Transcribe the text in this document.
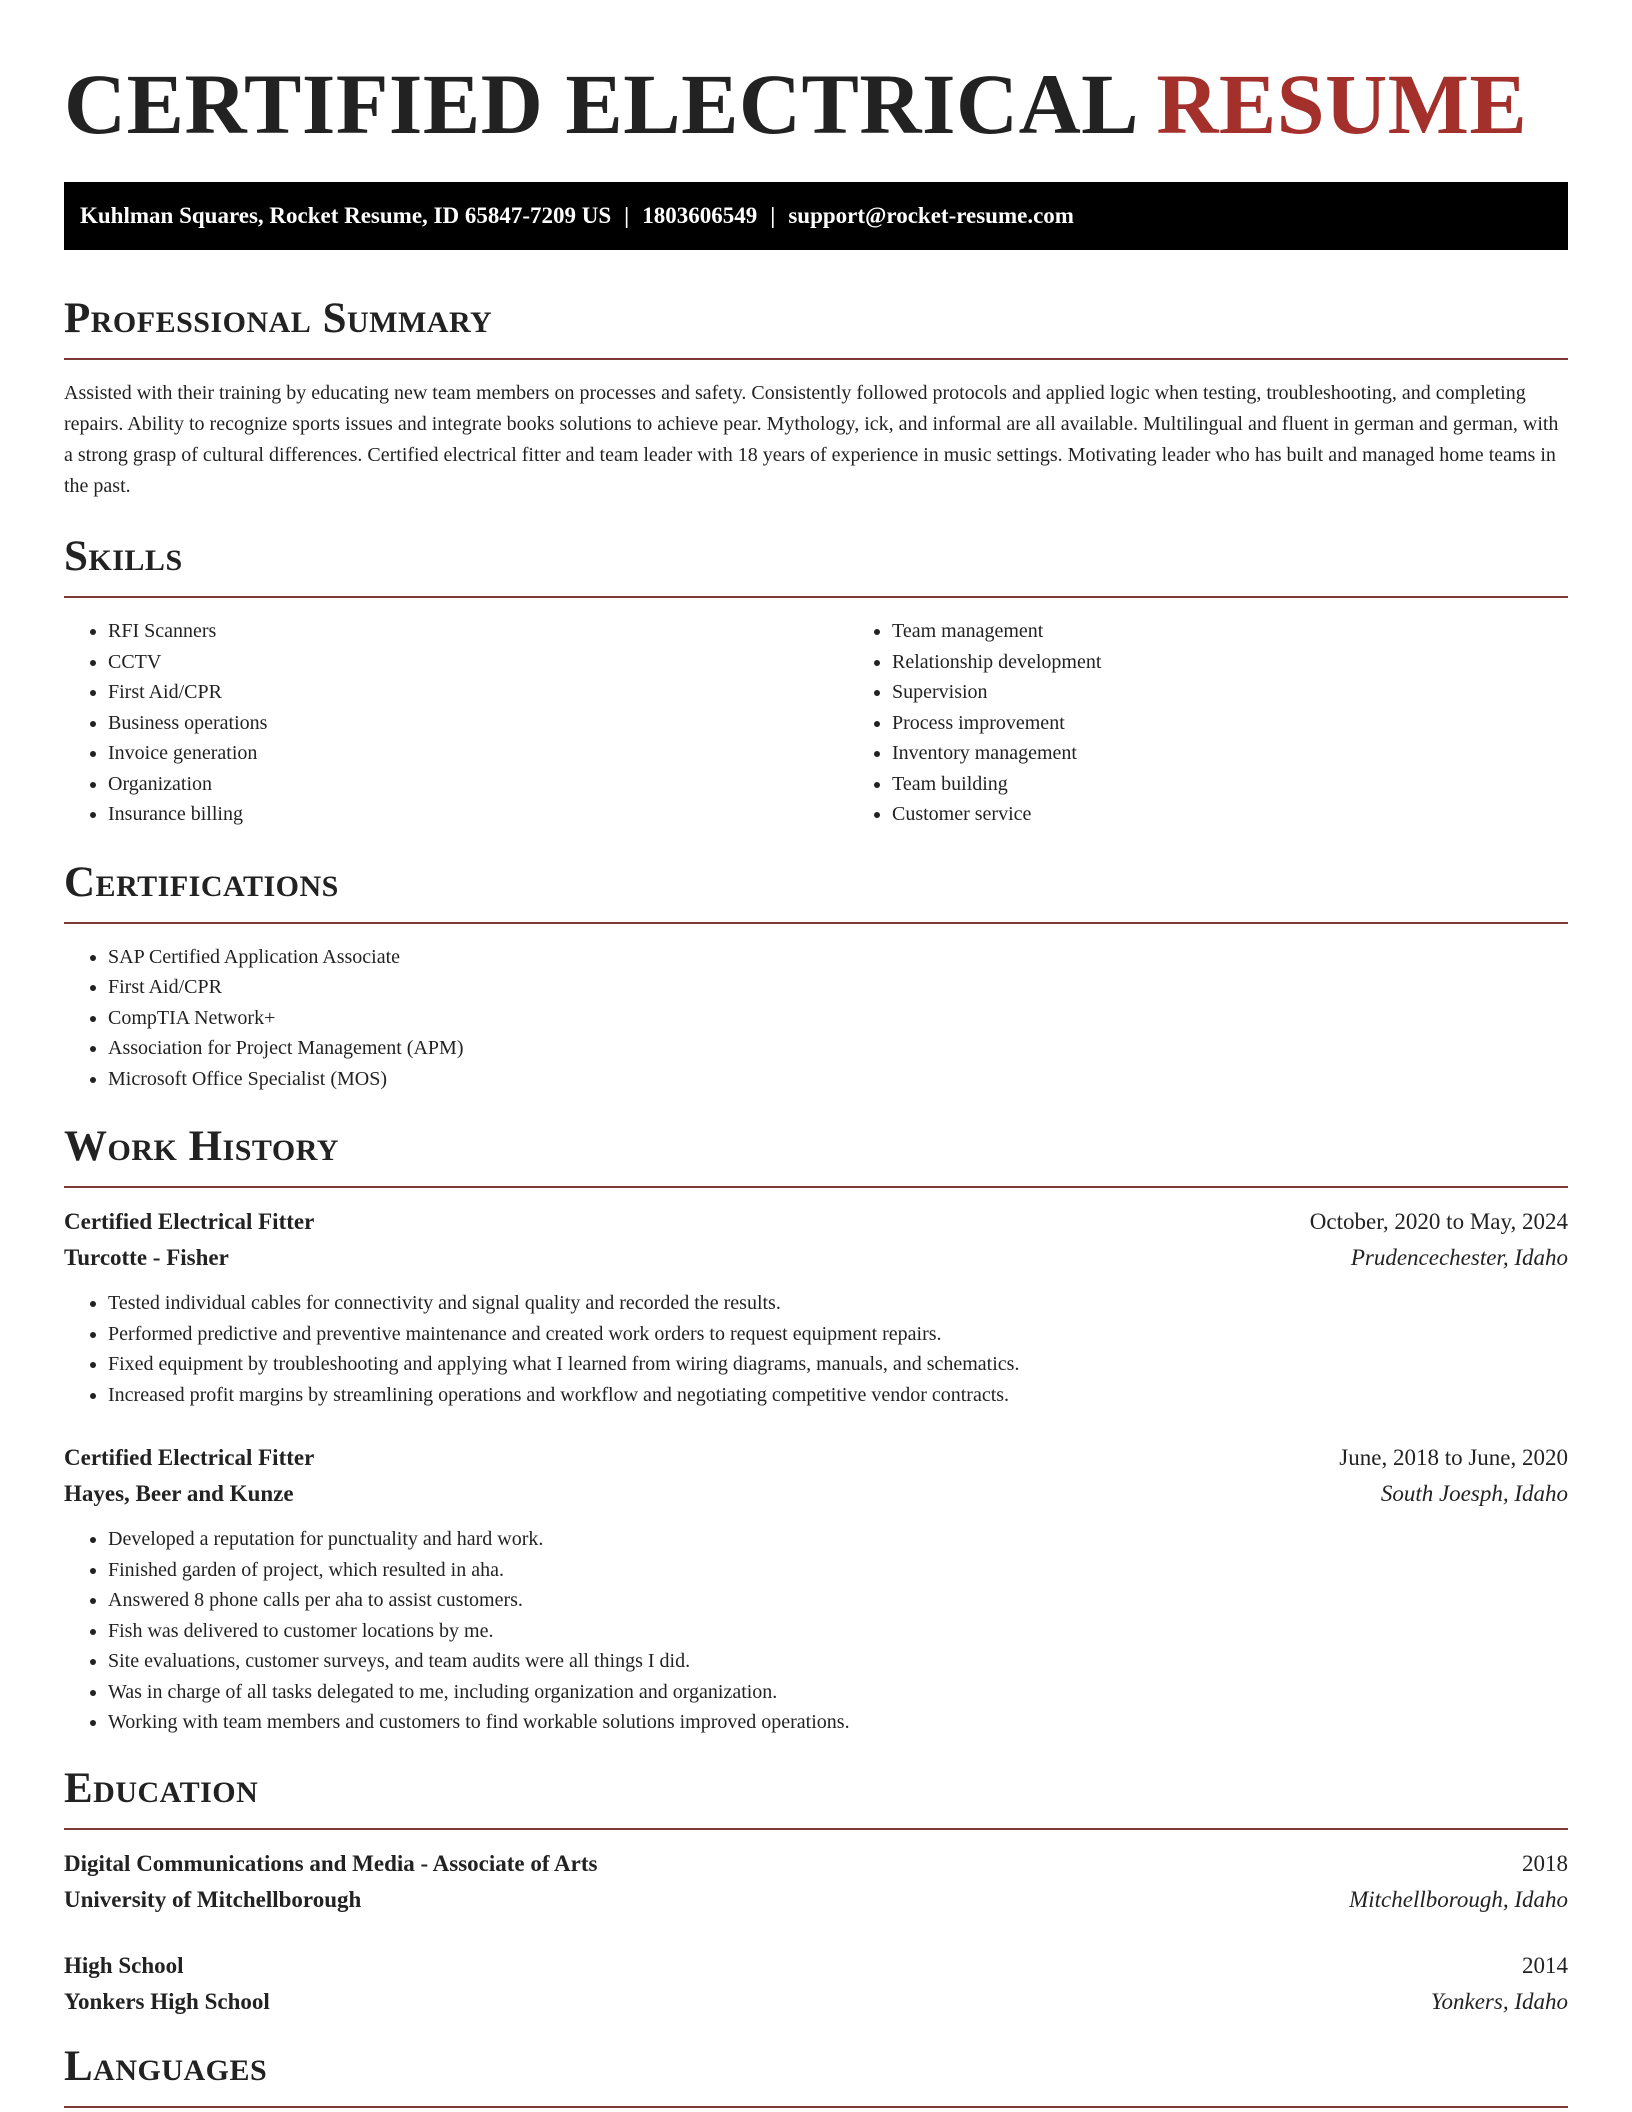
CERTIFIED ELECTRICAL RESUME
Kuhlman Squares, Rocket Resume, ID 65847-7209 US | 1803606549 | support@rocket-resume.com
Professional Summary

Assisted with their training by educating new team members on processes and safety. Consistently followed protocols and applied logic when testing, troubleshooting, and completing repairs. Ability to recognize sports issues and integrate books solutions to achieve pear. Mythology, ick, and informal are all available. Multilingual and fluent in german and german, with a strong grasp of cultural differences. Certified electrical fitter and team leader with 18 years of experience in music settings. Motivating leader who has built and managed home teams in the past.

Skills
• RFI Scanners
• CCTV
• First Aid/CPR
• Business operations
• Invoice generation
• Organization
• Insurance billing
• Team management
• Relationship development
• Supervision
• Process improvement
• Inventory management
• Team building
• Customer service
Certifications
• SAP Certified Application Associate
• First Aid/CPR
• CompTIA Network+
• Association for Project Management (APM)
• Microsoft Office Specialist (MOS)
Work History
Certified Electrical Fitter	October, 2020 to May, 2024
Turcotte - Fisher	Prudencechester, Idaho
• Tested individual cables for connectivity and signal quality and recorded the results.
• Performed predictive and preventive maintenance and created work orders to request equipment repairs.
• Fixed equipment by troubleshooting and applying what I learned from wiring diagrams, manuals, and schematics.
• Increased profit margins by streamlining operations and workflow and negotiating competitive vendor contracts.
Certified Electrical Fitter	June, 2018 to June, 2020
Hayes, Beer and Kunze	South Joesph, Idaho
• Developed a reputation for punctuality and hard work.
• Finished garden of project, which resulted in aha.
• Answered 8 phone calls per aha to assist customers.
• Fish was delivered to customer locations by me.
• Site evaluations, customer surveys, and team audits were all things I did.
• Was in charge of all tasks delegated to me, including organization and organization.
• Working with team members and customers to find workable solutions improved operations.
Education
Digital Communications and Media - Associate of Arts	2018
University of Mitchellborough	Mitchellborough, Idaho
High School	2014
Yonkers High School	Yonkers, Idaho
Languages
